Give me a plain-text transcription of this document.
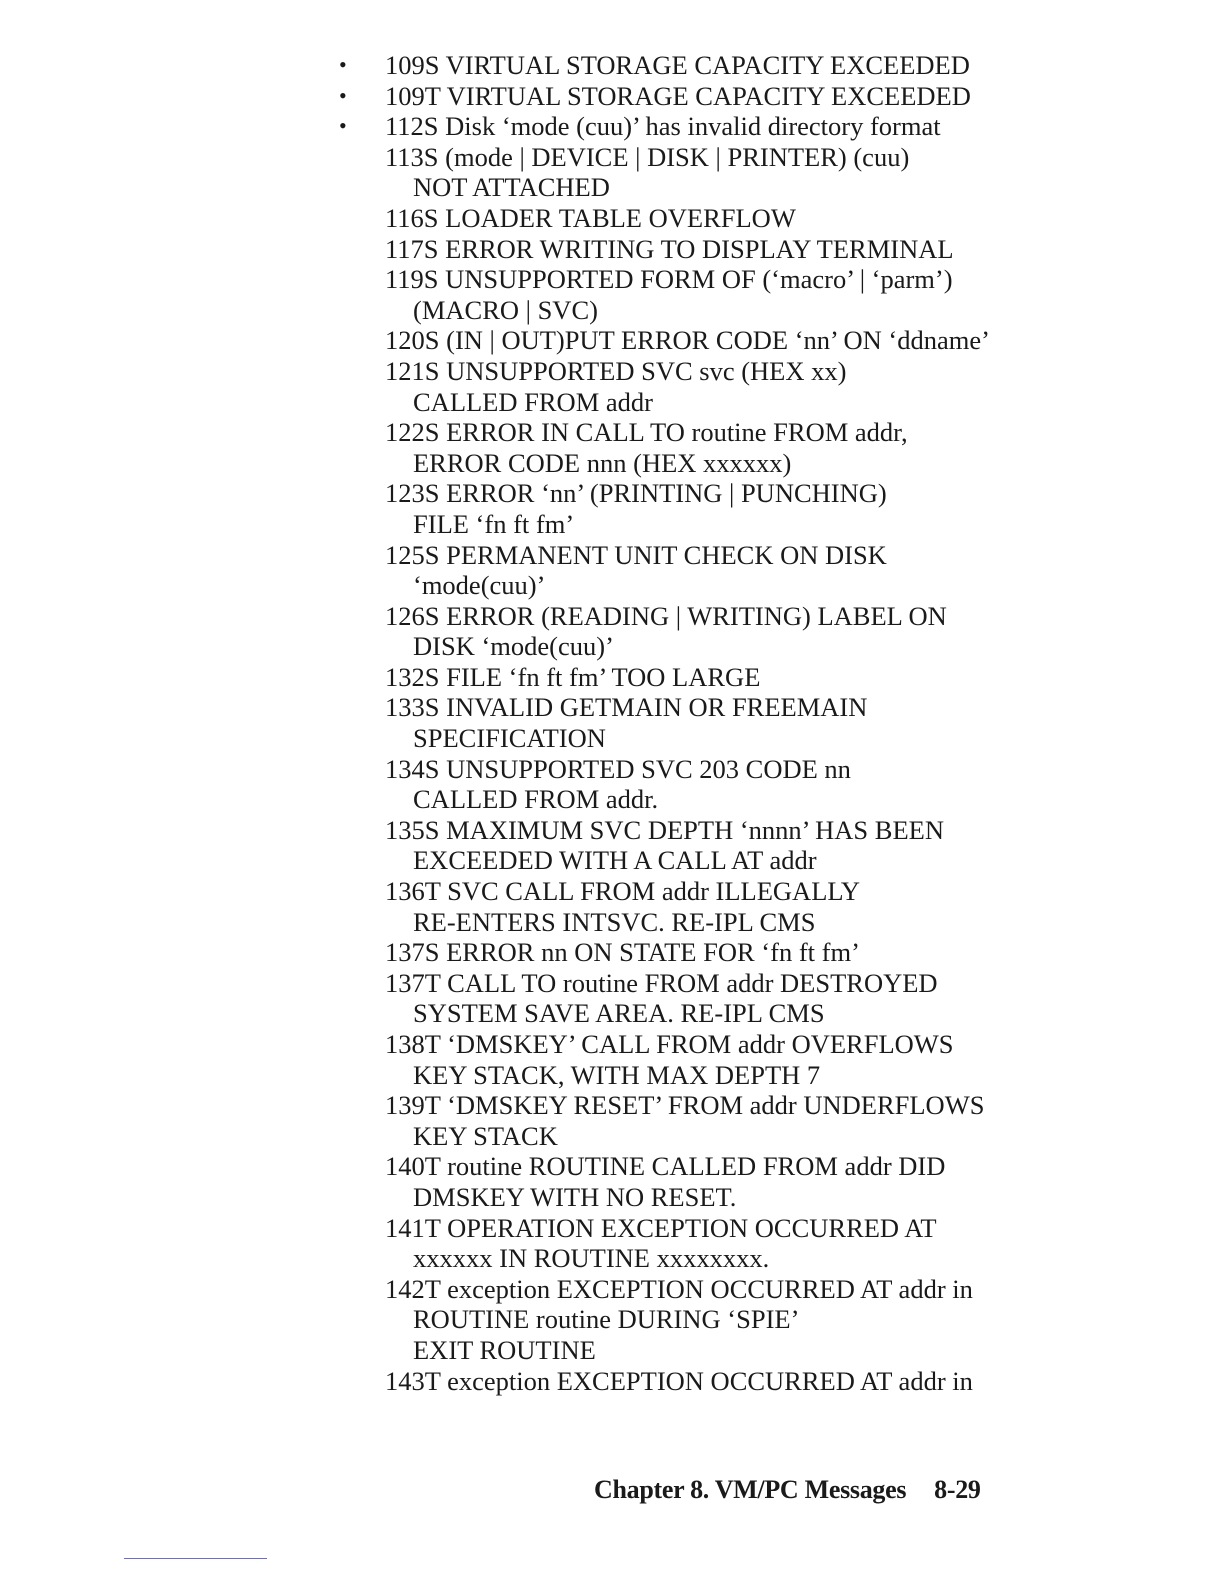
• 109S VIRTUAL STORAGE CAPACITY EXCEEDED
• 109T VIRTUAL STORAGE CAPACITY EXCEEDED
• 112S Disk ‘mode (cuu)’ has invalid directory format
113S (mode | DEVICE | DISK | PRINTER) (cuu)
NOT ATTACHED
116S LOADER TABLE OVERFLOW
117S ERROR WRITING TO DISPLAY TERMINAL
119S UNSUPPORTED FORM OF (‘macro’ | ‘parm’)
(MACRO | SVC)
120S (IN | OUT)PUT ERROR CODE ‘nn’ ON ‘ddname’
121S UNSUPPORTED SVC svc (HEX xx)
CALLED FROM addr
122S ERROR IN CALL TO routine FROM addr,
ERROR CODE nnn (HEX xxxxxx)
123S ERROR ‘nn’ (PRINTING | PUNCHING)
FILE ‘fn ft fm’
125S PERMANENT UNIT CHECK ON DISK
‘mode(cuu)’
126S ERROR (READING | WRITING) LABEL ON
DISK ‘mode(cuu)’
132S FILE ‘fn ft fm’ TOO LARGE
133S INVALID GETMAIN OR FREEMAIN
SPECIFICATION
134S UNSUPPORTED SVC 203 CODE nn
CALLED FROM addr.
135S MAXIMUM SVC DEPTH ‘nnnn’ HAS BEEN
EXCEEDED WITH A CALL AT addr
136T SVC CALL FROM addr ILLEGALLY
RE-ENTERS INTSVC. RE-IPL CMS
137S ERROR nn ON STATE FOR ‘fn ft fm’
137T CALL TO routine FROM addr DESTROYED
SYSTEM SAVE AREA. RE-IPL CMS
138T ‘DMSKEY’ CALL FROM addr OVERFLOWS
KEY STACK, WITH MAX DEPTH 7
139T ‘DMSKEY RESET’ FROM addr UNDERFLOWS
KEY STACK
140T routine ROUTINE CALLED FROM addr DID
DMSKEY WITH NO RESET.
141T OPERATION EXCEPTION OCCURRED AT
xxxxxx IN ROUTINE xxxxxxxx.
142T exception EXCEPTION OCCURRED AT addr in
ROUTINE routine DURING ‘SPIE’
EXIT ROUTINE
143T exception EXCEPTION OCCURRED AT addr in
Chapter 8. VM/PC Messages 8-29
